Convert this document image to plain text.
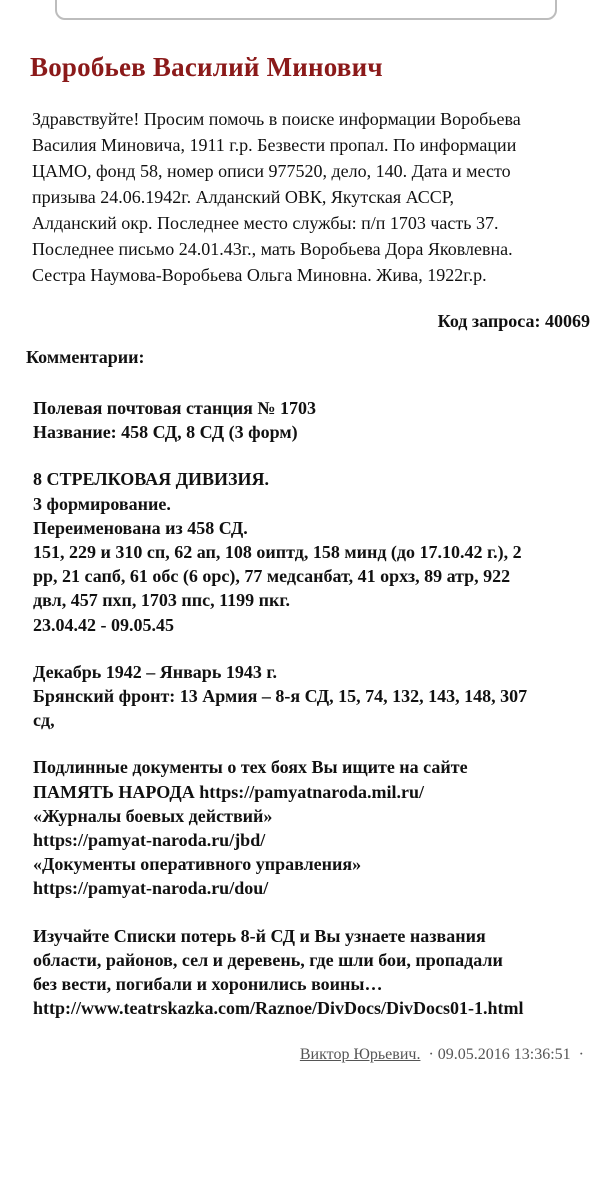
Воробьев Василий Минович
Здравствуйте! Просим помочь в поиске информации Воробьева
Василия Миновича, 1911 г.р. Безвести пропал. По информации
ЦАМО, фонд 58, номер описи 977520, дело, 140. Дата и место
призыва 24.06.1942г. Алданский ОВК, Якутская АССР,
Алданский окр. Последнее место службы: п/п 1703 часть 37.
Последнее письмо 24.01.43г., мать Воробьева Дора Яковлевна.
Сестра Наумова-Воробьева Ольга Миновна. Жива, 1922г.р.
Код запроса: 40069
Комментарии:
Полевая почтовая станция № 1703
Название: 458 СД, 8 СД (3 форм)
8 СТРЕЛКОВАЯ ДИВИЗИЯ.
3 формирование.
Переименована из 458 СД.
151, 229 и 310 сп, 62 ап, 108 оиптд, 158 минд (до 17.10.42 г.), 2
рр, 21 сапб, 61 обс (6 орс), 77 медсанбат, 41 орхз, 89 атр, 922
двл, 457 пхп, 1703 ппс, 1199 пкг.
23.04.42 - 09.05.45
Декабрь 1942 – Январь 1943 г.
Брянский фронт: 13 Армия – 8-я СД, 15, 74, 132, 143, 148, 307
сд,
Подлинные документы о тех боях Вы ищите на сайте
ПАМЯТЬ НАРОДА https://pamyatnaroda.mil.ru/
«Журналы боевых действий»
https://pamyat-naroda.ru/jbd/
«Документы оперативного управления»
https://pamyat-naroda.ru/dou/
Изучайте Списки потерь 8-й СД и Вы узнаете названия
области, районов, сел и деревень, где шли бои, пропадали
без вести, погибали и хоронились воины…
http://www.teatrskazka.com/Raznoe/DivDocs/DivDocs01-1.html
Виктор Юрьевич. · 09.05.2016 13:36:51 ·
